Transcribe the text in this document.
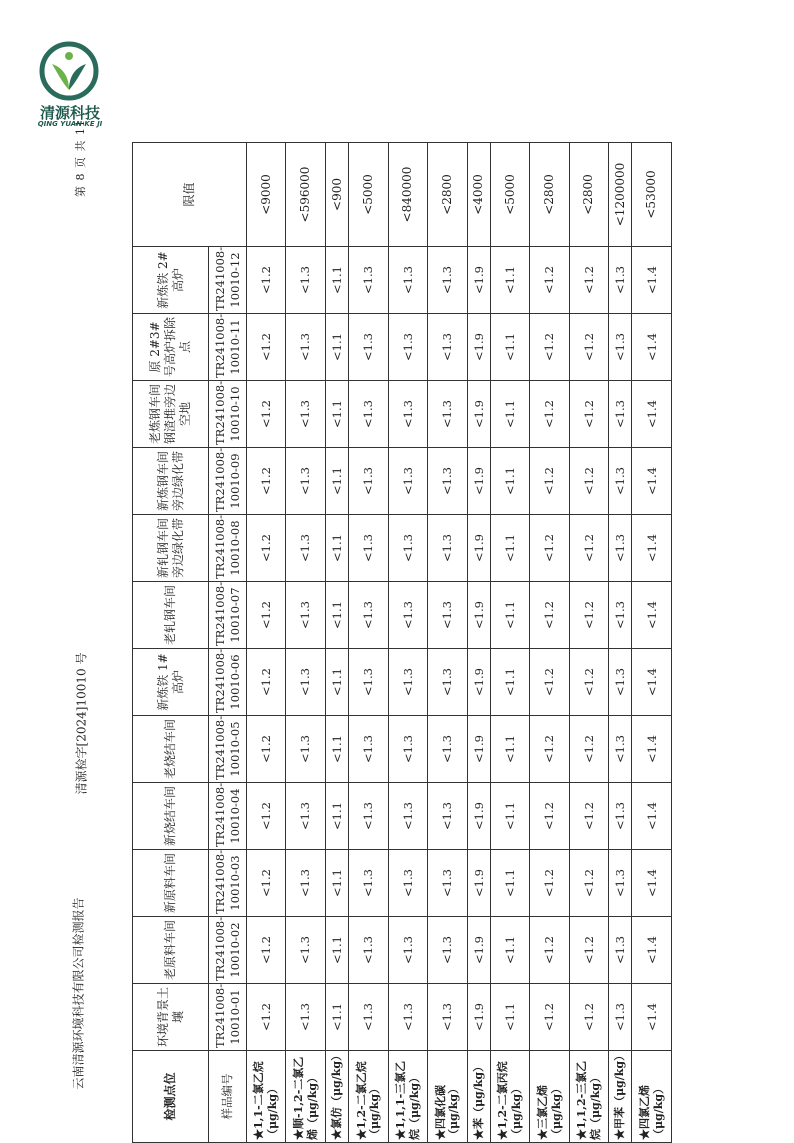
云南清源环境科技有限公司检测报告
清源检字[2024]10010 号
第 8 页 共 11
清源科技
QING YUAN KE JI
检测点位	环境背景土壤	老原料车间	新原料车间	新烧结车间	老烧结车间	新炼铁 1#高炉	老轧钢车间	新轧钢车间旁边绿化带	新炼钢车间旁边绿化带	老炼钢车间钢渣堆旁边空地	原 2#3#号高炉拆除点	新炼铁 2#高炉	限值
样品编号	TR241008-10010-01	TR241008-10010-02	TR241008-10010-03	TR241008-10010-04	TR241008-10010-05	TR241008-10010-06	TR241008-10010-07	TR241008-10010-08	TR241008-10010-09	TR241008-10010-10	TR241008-10010-11	TR241008-10010-12	
★1,1-二氯乙烷（μg/kg）	<1.2	<1.2	<1.2	<1.2	<1.2	<1.2	<1.2	<1.2	<1.2	<1.2	<1.2	<1.2	<9000
★顺-1,2-二氯乙烯（μg/kg）	<1.3	<1.3	<1.3	<1.3	<1.3	<1.3	<1.3	<1.3	<1.3	<1.3	<1.3	<1.3	<596000
★氯仿（μg/kg）	<1.1	<1.1	<1.1	<1.1	<1.1	<1.1	<1.1	<1.1	<1.1	<1.1	<1.1	<1.1	<900
★1,2-二氯乙烷（μg/kg）	<1.3	<1.3	<1.3	<1.3	<1.3	<1.3	<1.3	<1.3	<1.3	<1.3	<1.3	<1.3	<5000
★1,1,1-三氯乙烷（μg/kg）	<1.3	<1.3	<1.3	<1.3	<1.3	<1.3	<1.3	<1.3	<1.3	<1.3	<1.3	<1.3	<840000
★四氯化碳（μg/kg）	<1.3	<1.3	<1.3	<1.3	<1.3	<1.3	<1.3	<1.3	<1.3	<1.3	<1.3	<1.3	<2800
★苯（μg/kg）	<1.9	<1.9	<1.9	<1.9	<1.9	<1.9	<1.9	<1.9	<1.9	<1.9	<1.9	<1.9	<4000
★1,2-二氯丙烷（μg/kg）	<1.1	<1.1	<1.1	<1.1	<1.1	<1.1	<1.1	<1.1	<1.1	<1.1	<1.1	<1.1	<5000
★三氯乙烯（μg/kg）	<1.2	<1.2	<1.2	<1.2	<1.2	<1.2	<1.2	<1.2	<1.2	<1.2	<1.2	<1.2	<2800
★1,1,2-三氯乙烷（μg/kg）	<1.2	<1.2	<1.2	<1.2	<1.2	<1.2	<1.2	<1.2	<1.2	<1.2	<1.2	<1.2	<2800
★甲苯（μg/kg）	<1.3	<1.3	<1.3	<1.3	<1.3	<1.3	<1.3	<1.3	<1.3	<1.3	<1.3	<1.3	<1200000
★四氯乙烯（μg/kg）	<1.4	<1.4	<1.4	<1.4	<1.4	<1.4	<1.4	<1.4	<1.4	<1.4	<1.4	<1.4	<53000
